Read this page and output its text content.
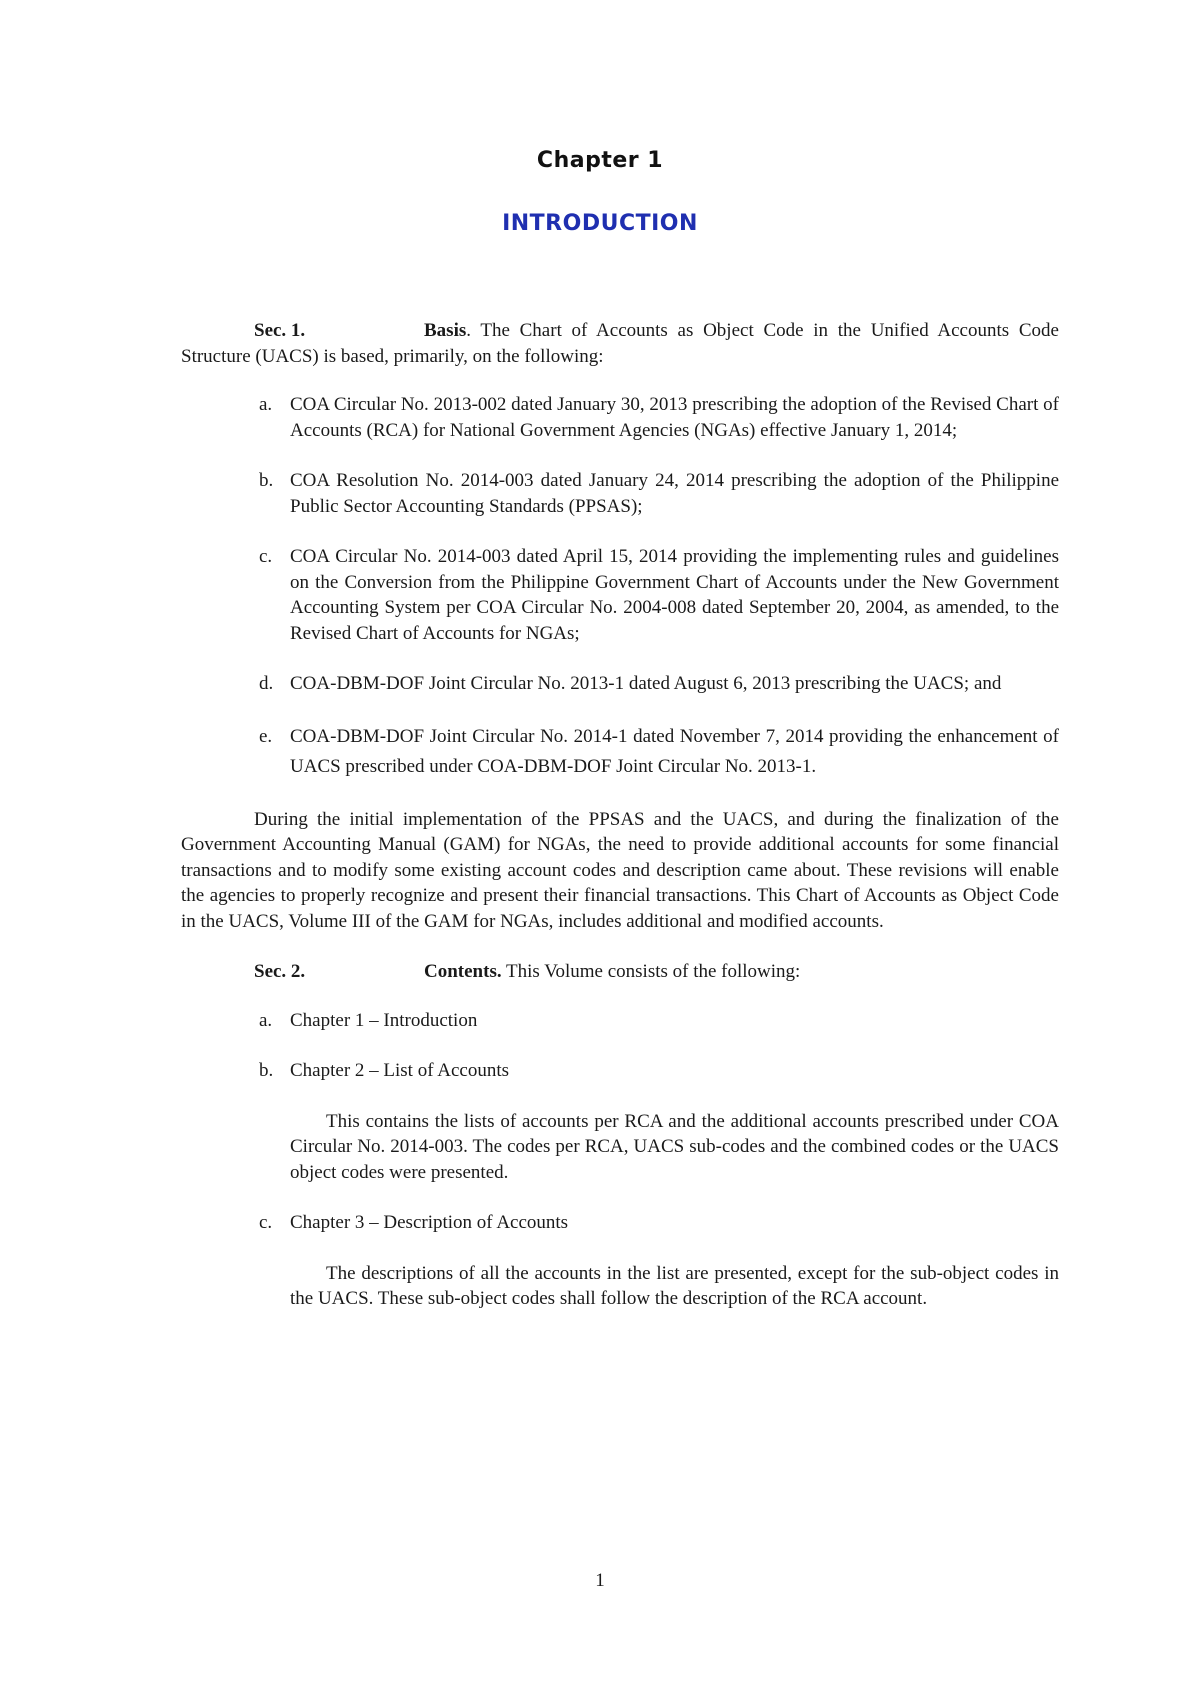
Chapter 1
INTRODUCTION
Sec. 1.	Basis. The Chart of Accounts as Object Code in the Unified Accounts Code Structure (UACS) is based, primarily, on the following:
a. COA Circular No. 2013-002 dated January 30, 2013 prescribing the adoption of the Revised Chart of Accounts (RCA) for National Government Agencies (NGAs) effective January 1, 2014;
b. COA Resolution No. 2014-003 dated January 24, 2014 prescribing the adoption of the Philippine Public Sector Accounting Standards (PPSAS);
c. COA Circular No. 2014-003 dated April 15, 2014 providing the implementing rules and guidelines on the Conversion from the Philippine Government Chart of Accounts under the New Government Accounting System per COA Circular No. 2004-008 dated September 20, 2004, as amended, to the Revised Chart of Accounts for NGAs;
d. COA-DBM-DOF Joint Circular No. 2013-1 dated August 6, 2013 prescribing the UACS; and
e. COA-DBM-DOF Joint Circular No. 2014-1 dated November 7, 2014 providing the enhancement of UACS prescribed under COA-DBM-DOF Joint Circular No. 2013-1.

During the initial implementation of the PPSAS and the UACS, and during the finalization of the Government Accounting Manual (GAM) for NGAs, the need to provide additional accounts for some financial transactions and to modify some existing account codes and description came about. These revisions will enable the agencies to properly recognize and present their financial transactions. This Chart of Accounts as Object Code in the UACS, Volume III of the GAM for NGAs, includes additional and modified accounts.

Sec. 2.	Contents. This Volume consists of the following:
a. Chapter 1 – Introduction
b. Chapter 2 – List of Accounts

This contains the lists of accounts per RCA and the additional accounts prescribed under COA Circular No. 2014-003. The codes per RCA, UACS sub-codes and the combined codes or the UACS object codes were presented.

c. Chapter 3 – Description of Accounts

The descriptions of all the accounts in the list are presented, except for the sub-object codes in the UACS. These sub-object codes shall follow the description of the RCA account.

1
